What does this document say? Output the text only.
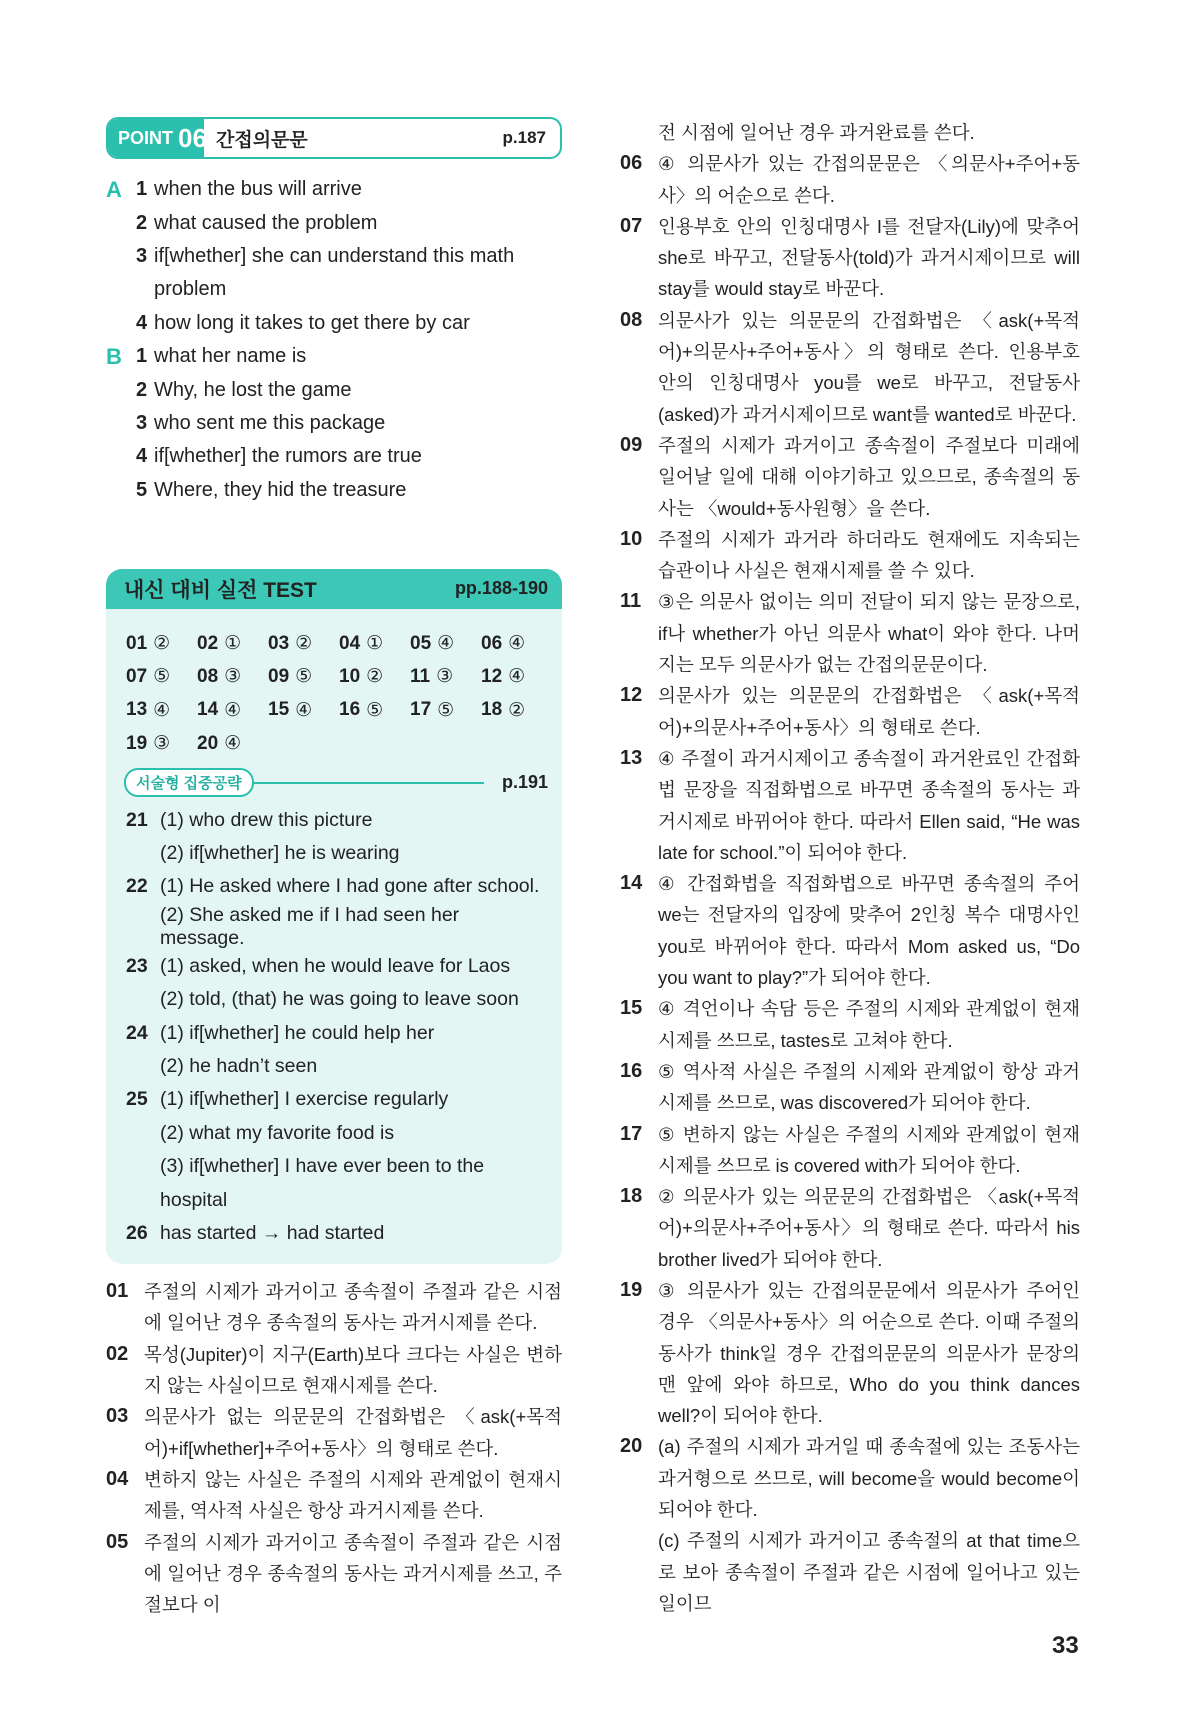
POINT 06 간접의문문	p.187
A 1 when the bus will arrive
2 what caused the problem
3 if[whether] she can understand this math
problem
4 how long it takes to get there by car
B 1 what her name is
2 Why, he lost the game
3 who sent me this package
4 if[whether] the rumors are true
5 Where, they hid the treasure
내신 대비 실전 TEST	pp.188-190
01 ② 02 ① 03 ② 04 ① 05 ④ 06 ④
07 ⑤ 08 ③ 09 ⑤ 10 ② 11 ③ 12 ④
13 ④ 14 ④ 15 ④ 16 ⑤ 17 ⑤ 18 ②
19 ③ 20 ④
서술형 집중공략	p.191
21 (1) who drew this picture
(2) if[whether] he is wearing
22 (1) He asked where I had gone after school.
(2) She asked me if I had seen her message.
23 (1) asked, when he would leave for Laos
(2) told, (that) he was going to leave soon
24 (1) if[whether] he could help her
(2) he hadn’t seen
25 (1) if[whether] I exercise regularly
(2) what my favorite food is
(3) if[whether] I have ever been to the
hospital
26 has started → had started
01 주절의 시제가 과거이고 종속절이 주절과 같은 시점에 일어난 경우 종속절의 동사는 과거시제를 쓴다.
02 목성(Jupiter)이 지구(Earth)보다 크다는 사실은 변하지 않는 사실이므로 현재시제를 쓴다.
03 의문사가 없는 의문문의 간접화법은 〈ask(+목적어)+if[whether]+주어+동사〉의 형태로 쓴다.
04 변하지 않는 사실은 주절의 시제와 관계없이 현재시제를, 역사적 사실은 항상 과거시제를 쓴다.
05 주절의 시제가 과거이고 종속절이 주절과 같은 시점에 일어난 경우 종속절의 동사는 과거시제를 쓰고, 주절보다 이
전 시점에 일어난 경우 과거완료를 쓴다.
06 ④ 의문사가 있는 간접의문문은 〈의문사+주어+동사〉의 어순으로 쓴다.
07 인용부호 안의 인칭대명사 I를 전달자(Lily)에 맞추어 she로 바꾸고, 전달동사(told)가 과거시제이므로 will stay를 would stay로 바꾼다.
08 의문사가 있는 의문문의 간접화법은 〈ask(+목적어)+의문사+주어+동사〉의 형태로 쓴다. 인용부호 안의 인칭대명사 you를 we로 바꾸고, 전달동사(asked)가 과거시제이므로 want를 wanted로 바꾼다.
09 주절의 시제가 과거이고 종속절이 주절보다 미래에 일어날 일에 대해 이야기하고 있으므로, 종속절의 동사는 〈would+동사원형〉을 쓴다.
10 주절의 시제가 과거라 하더라도 현재에도 지속되는 습관이나 사실은 현재시제를 쓸 수 있다.
11 ③은 의문사 없이는 의미 전달이 되지 않는 문장으로, if나 whether가 아닌 의문사 what이 와야 한다. 나머지는 모두 의문사가 없는 간접의문문이다.
12 의문사가 있는 의문문의 간접화법은 〈ask(+목적어)+의문사+주어+동사〉의 형태로 쓴다.
13 ④ 주절이 과거시제이고 종속절이 과거완료인 간접화법 문장을 직접화법으로 바꾸면 종속절의 동사는 과거시제로 바뀌어야 한다. 따라서 Ellen said, “He was late for school.”이 되어야 한다.
14 ④ 간접화법을 직접화법으로 바꾸면 종속절의 주어 we는 전달자의 입장에 맞추어 2인칭 복수 대명사인 you로 바뀌어야 한다. 따라서 Mom asked us, “Do you want to play?”가 되어야 한다.
15 ④ 격언이나 속담 등은 주절의 시제와 관계없이 현재시제를 쓰므로, tastes로 고쳐야 한다.
16 ⑤ 역사적 사실은 주절의 시제와 관계없이 항상 과거시제를 쓰므로, was discovered가 되어야 한다.
17 ⑤ 변하지 않는 사실은 주절의 시제와 관계없이 현재시제를 쓰므로 is covered with가 되어야 한다.
18 ② 의문사가 있는 의문문의 간접화법은 〈ask(+목적어)+의문사+주어+동사〉의 형태로 쓴다. 따라서 his brother lived가 되어야 한다.
19 ③ 의문사가 있는 간접의문문에서 의문사가 주어인 경우 〈의문사+동사〉의 어순으로 쓴다. 이때 주절의 동사가 think일 경우 간접의문문의 의문사가 문장의 맨 앞에 와야 하므로, Who do you think dances well?이 되어야 한다.
20 (a) 주절의 시제가 과거일 때 종속절에 있는 조동사는 과거형으로 쓰므로, will become을 would become이 되어야 한다.
(c) 주절의 시제가 과거이고 종속절의 at that time으로 보아 종속절이 주절과 같은 시점에 일어나고 있는 일이므
33
